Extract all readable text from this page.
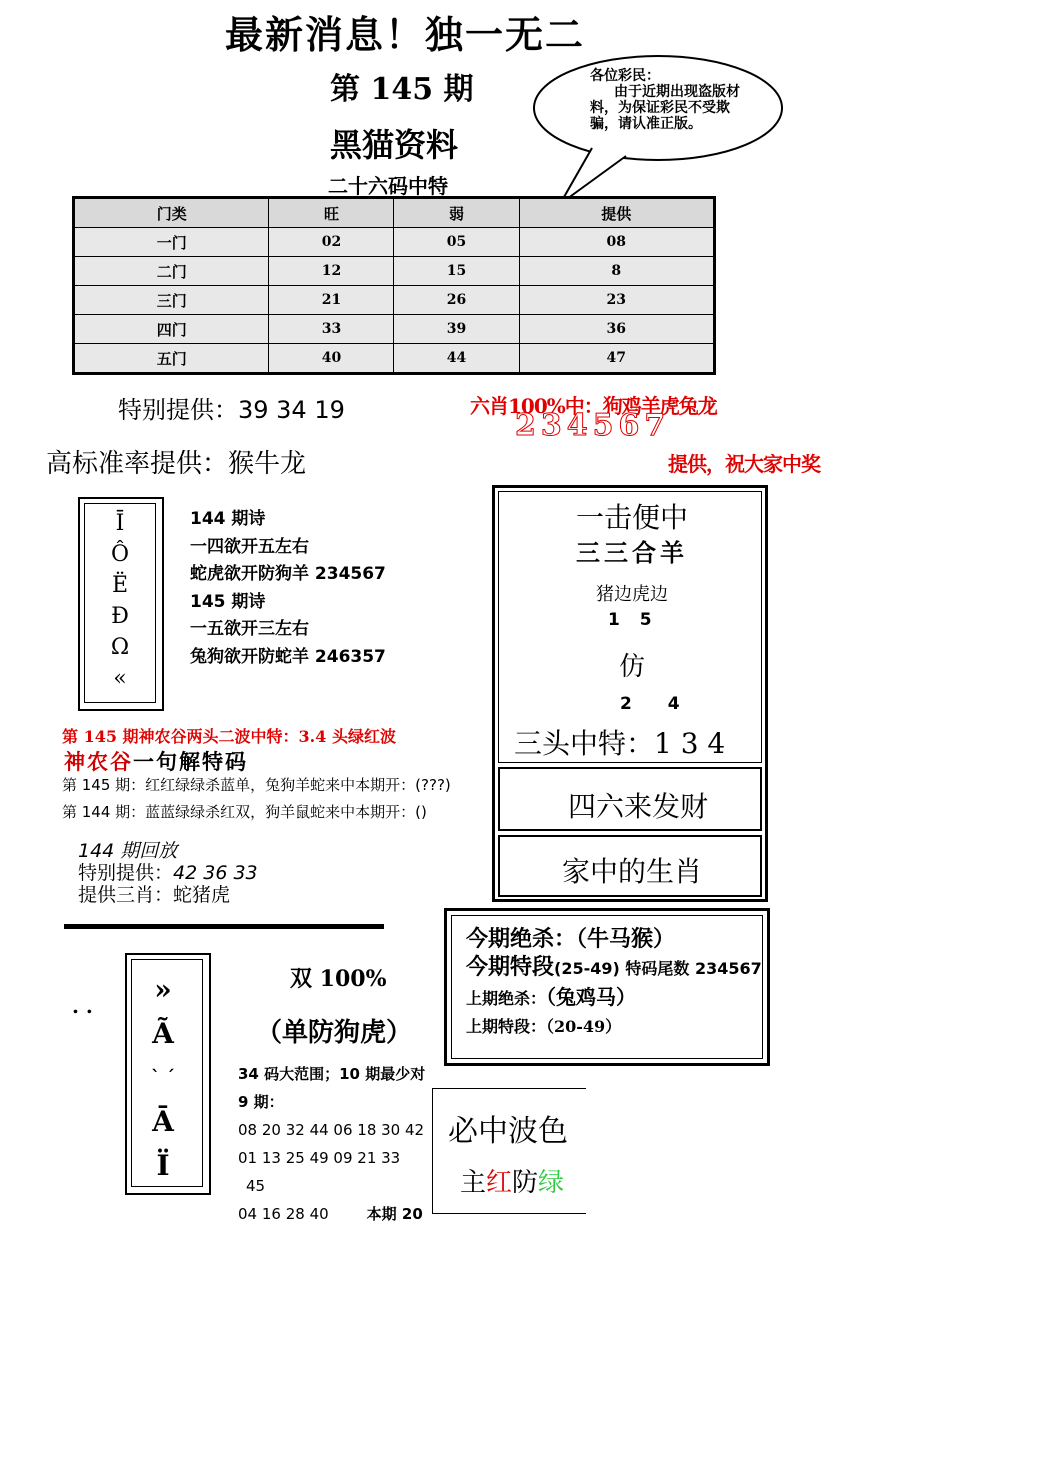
最新消息！独一无二
第 145 期
黑猫资料
二十六码中特
各位彩民：
由于近期出现盗版材料，为保证彩民不受欺骗，请认准正版。
门类	旺	弱	提供
一门	02	05	08
二门	12	15	8
三门	21	26	23
四门	33	39	36
五门	40	44	47
特别提供：39 34 19	六肖100%中：狗鸡羊虎兔龙
234567
高标准率提供：猴牛龙	提供，祝大家中奖
Ī
Ô
Ë
Ð
Ω
«
144 期诗
一四欲开五左右
蛇虎欲开防狗羊 234567
145 期诗
一五欲开三左右
兔狗欲开防蛇羊 246357
一击便中
三三合羊
猪边虎边
1 5
仿
2 4
三头中特：1 3 4
四六来发财
家中的生肖
第 145 期神农谷两头二波中特：3.4 头绿红波
神农谷一句解特码
第 145 期：红红绿绿杀蓝单，兔狗羊蛇来中本期开：(???)
第 144 期：蓝蓝绿绿杀红双，狗羊鼠蛇来中本期开：()
144 期回放
特别提供：42 36 33
提供三肖：蛇猪虎
»
Ã
ˋ ˊ
Ā
Ï
. .
双 100%
（单防狗虎）
34 码大范围；10 期最少对
9 期：
08 20 32 44 06 18 30 42
01 13 25 49 09 21 33
45
04 16 28 40	本期 20
今期绝杀：（牛马猴）
今期特段(25-49) 特码尾数 234567
上期绝杀：（兔鸡马）
上期特段：（20-49）
必中波色
主红防绿
